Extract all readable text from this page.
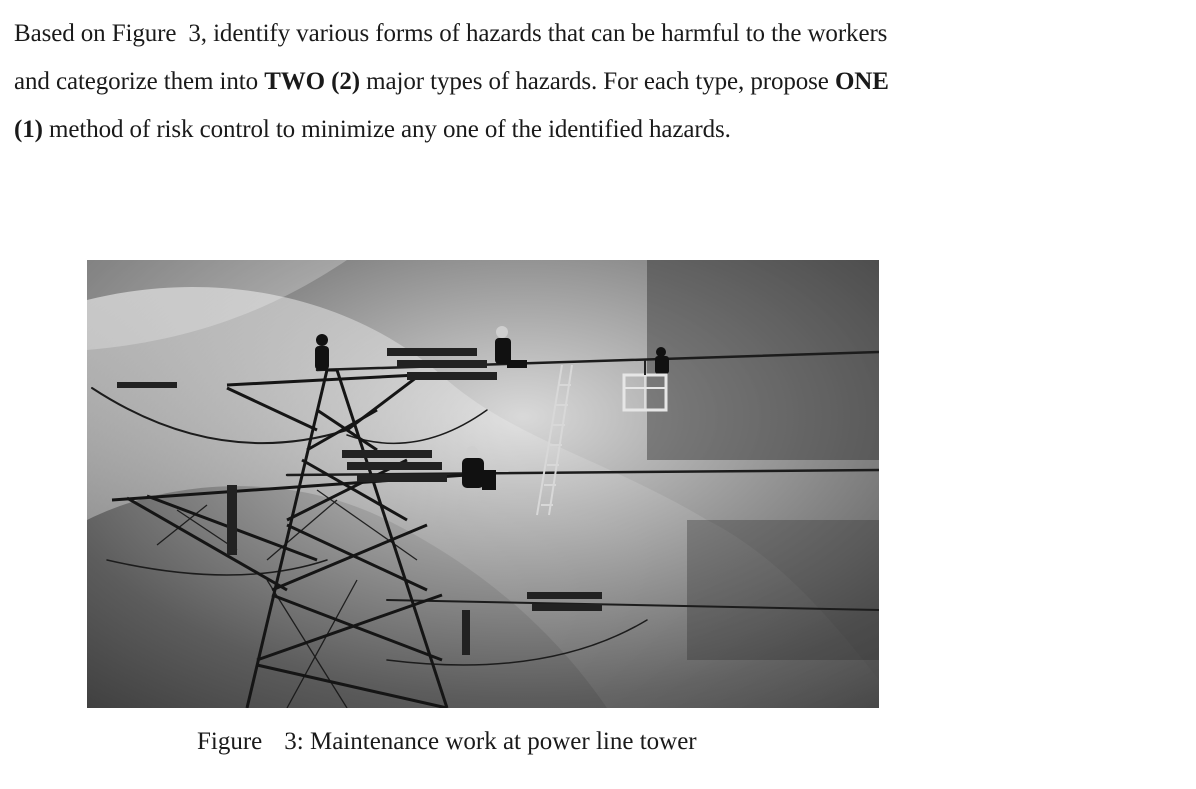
Based on Figure 3, identify various forms of hazards that can be harmful to the workers
and categorize them into TWO (2) major types of hazards. For each type, propose ONE
(1) method of risk control to minimize any one of the identified hazards.
Figure 3: Maintenance work at power line tower
